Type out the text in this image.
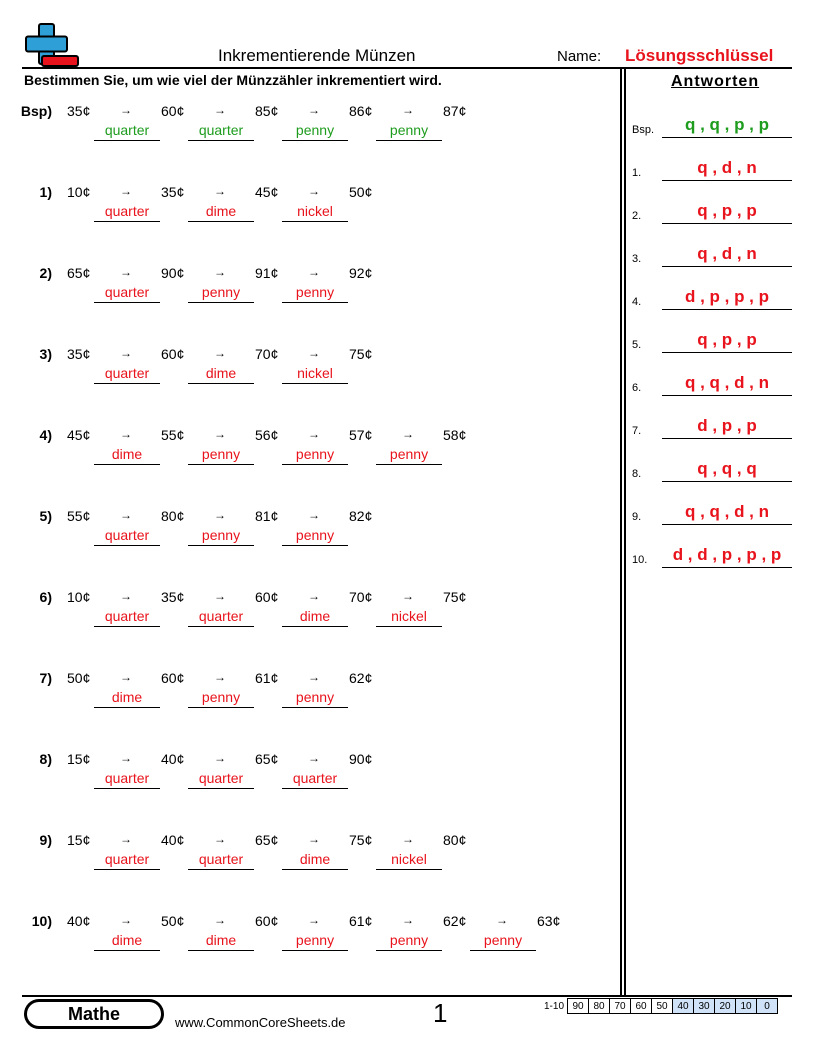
Inkrementierende Münzen	Name: Lösungsschlüssel
Bestimmen Sie, um wie viel der Münzzähler inkrementiert wird.
Bsp) 35¢ → 60¢ → 85¢ → 86¢ → 87¢
quarter	quarter	penny	penny
1) 10¢ → 35¢ → 45¢ → 50¢
quarter	dime	nickel
2) 65¢ → 90¢ → 91¢ → 92¢
quarter	penny	penny
3) 35¢ → 60¢ → 70¢ → 75¢
quarter	dime	nickel
4) 45¢ → 55¢ → 56¢ → 57¢ → 58¢
dime	penny	penny	penny
5) 55¢ → 80¢ → 81¢ → 82¢
quarter	penny	penny
6) 10¢ → 35¢ → 60¢ → 70¢ → 75¢
quarter	quarter	dime	nickel
7) 50¢ → 60¢ → 61¢ → 62¢
dime	penny	penny
8) 15¢ → 40¢ → 65¢ → 90¢
quarter	quarter	quarter
9) 15¢ → 40¢ → 65¢ → 75¢ → 80¢
quarter	quarter	dime	nickel
10) 40¢ → 50¢ → 60¢ → 61¢ → 62¢ → 63¢
dime	dime	penny	penny	penny
Antworten
Bsp.	q , q , p , p
1.	q , d , n
2.	q , p , p
3.	q , d , n
4.	d , p , p , p
5.	q , p , p
6.	q , q , d , n
7.	d , p , p
8.	q , q , q
9.	q , q , d , n
10.	d , d , p , p , p
Mathe	www.CommonCoreSheets.de	1	1-10	90	80	70	60	50	40	30	20	10	0
